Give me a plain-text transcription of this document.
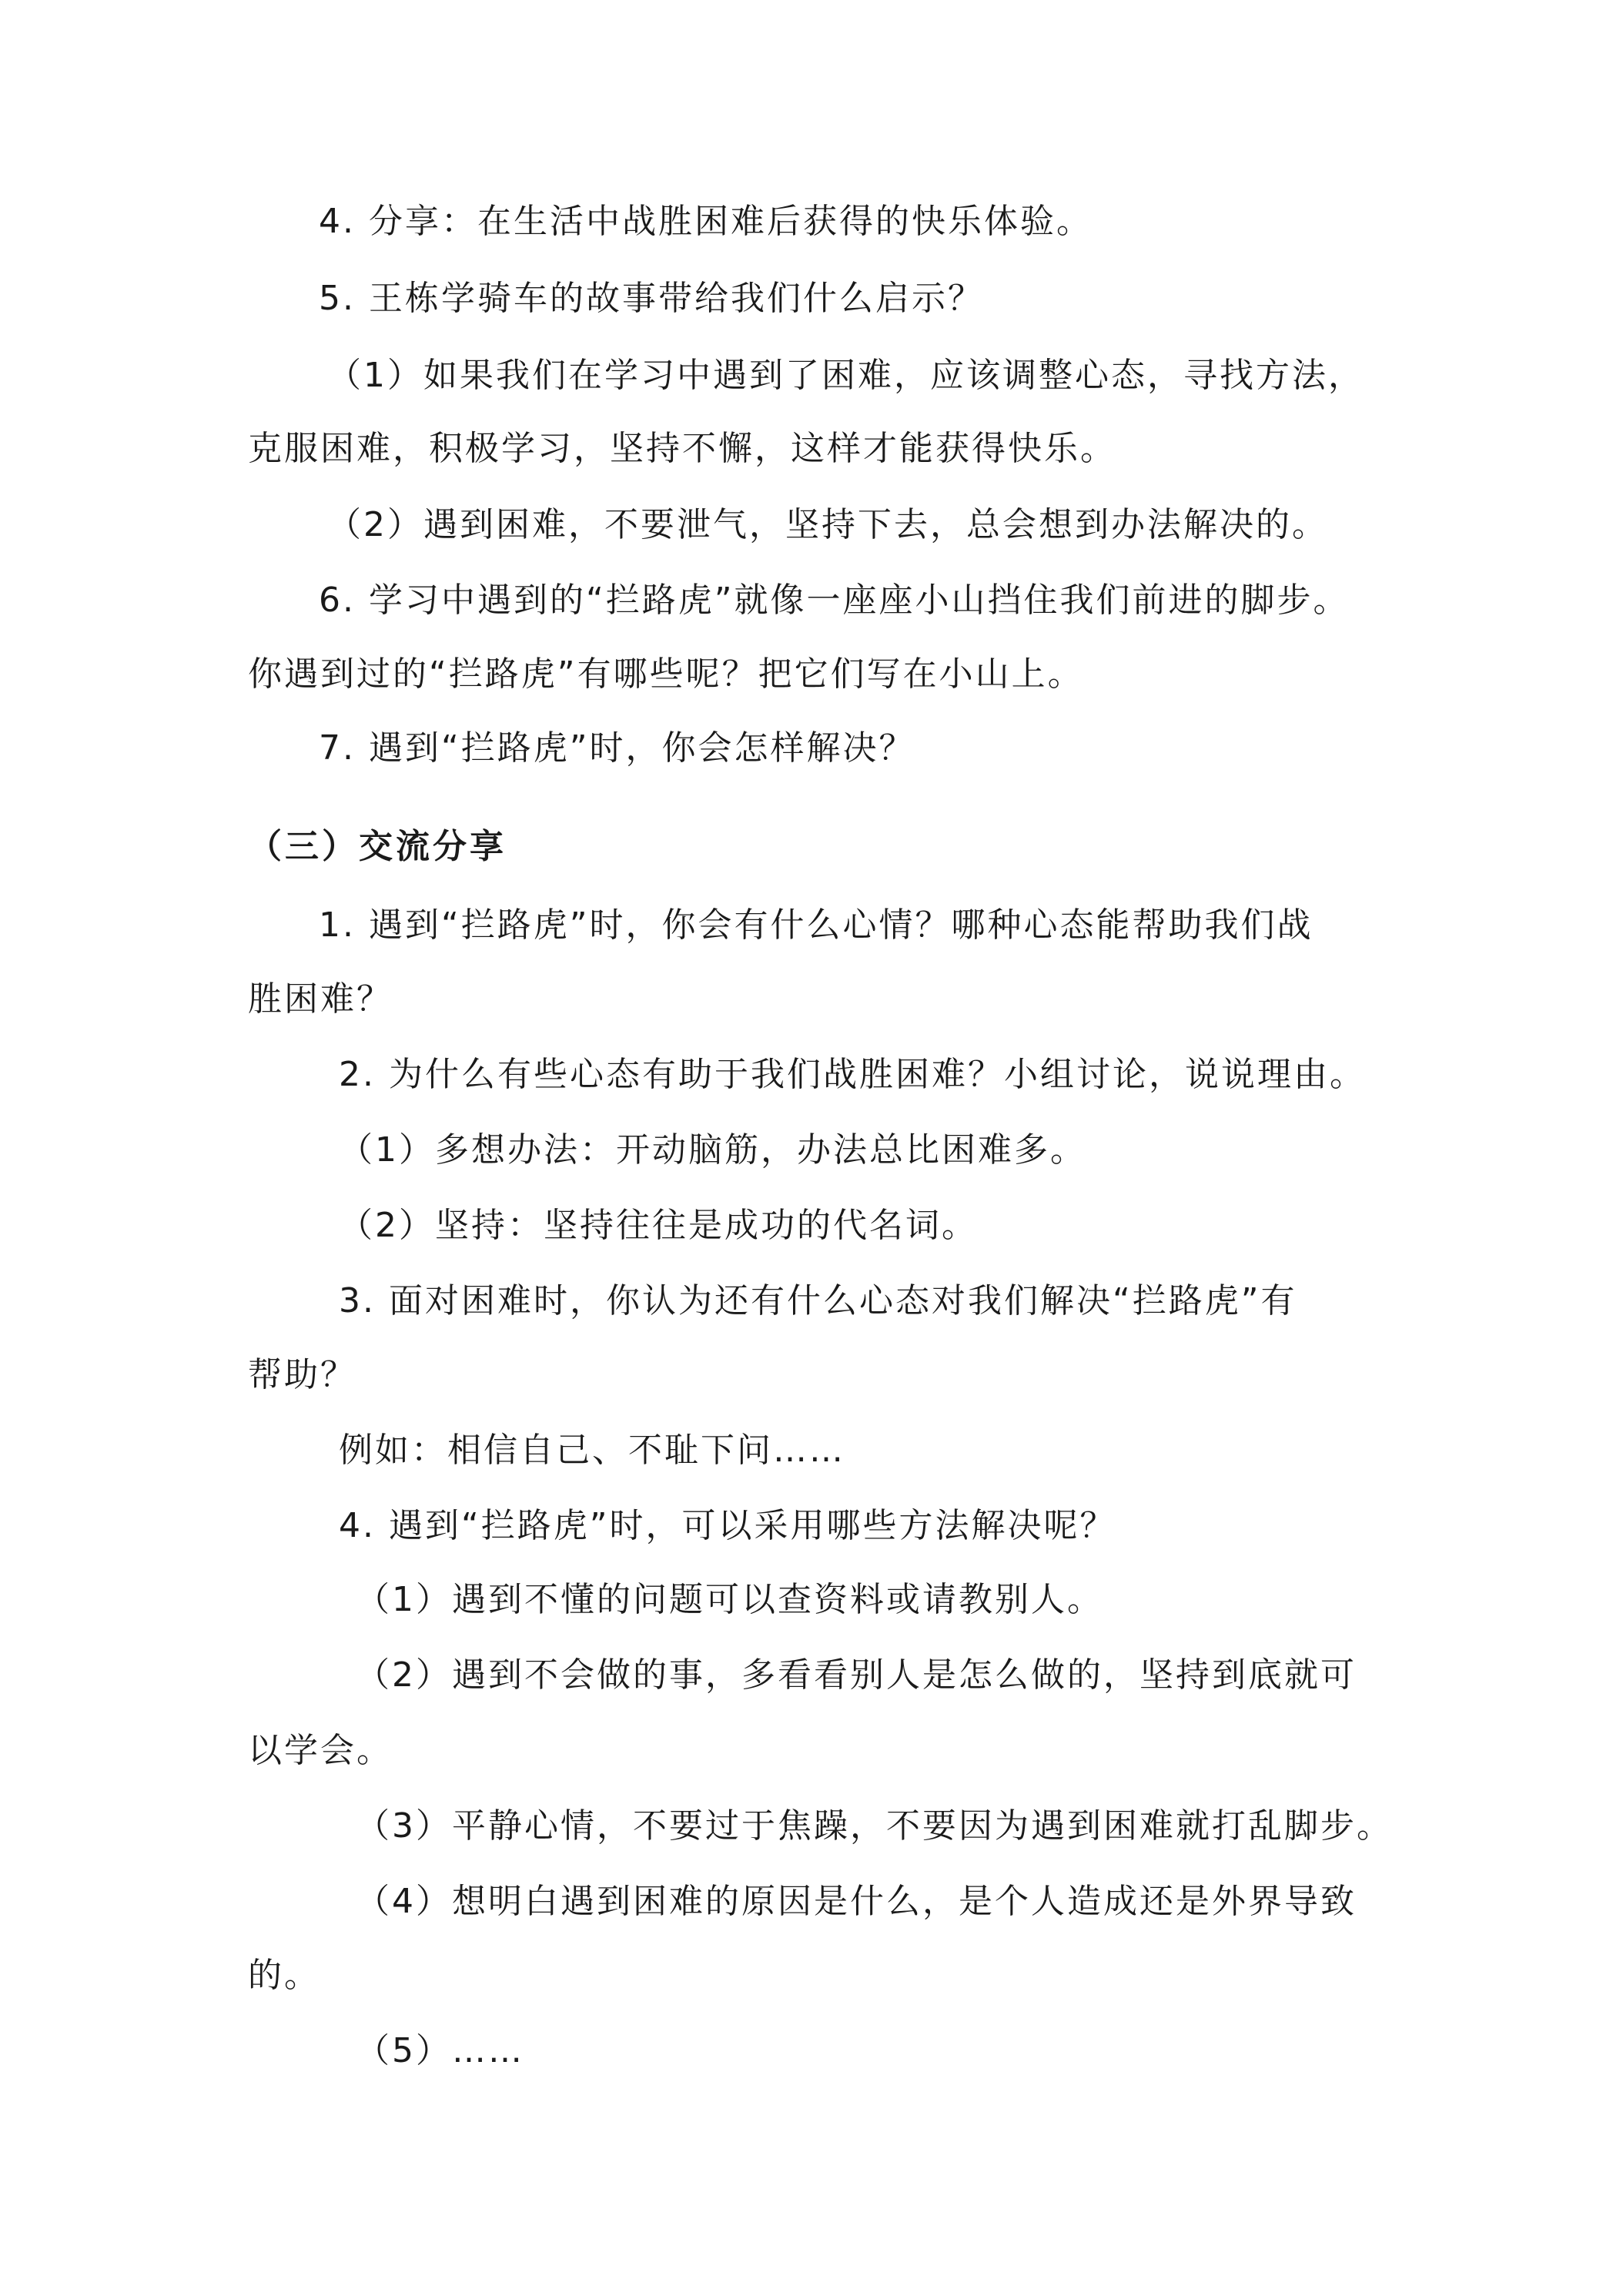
4. 分享：在生活中战胜困难后获得的快乐体验。
5. 王栋学骑车的故事带给我们什么启示？
（1）如果我们在学习中遇到了困难，应该调整心态，寻找方法，
克服困难，积极学习，坚持不懈，这样才能获得快乐。
（2）遇到困难，不要泄气，坚持下去，总会想到办法解决的。
6. 学习中遇到的“拦路虎”就像一座座小山挡住我们前进的脚步。
你遇到过的“拦路虎”有哪些呢？把它们写在小山上。
7. 遇到“拦路虎”时，你会怎样解决？
（三）交流分享
1. 遇到“拦路虎”时，你会有什么心情？哪种心态能帮助我们战
胜困难？
2. 为什么有些心态有助于我们战胜困难？小组讨论，说说理由。
（1）多想办法：开动脑筋，办法总比困难多。
（2）坚持：坚持往往是成功的代名词。
3. 面对困难时，你认为还有什么心态对我们解决“拦路虎”有
帮助？
例如：相信自己、不耻下问……
4. 遇到“拦路虎”时，可以采用哪些方法解决呢？
（1）遇到不懂的问题可以查资料或请教别人。
（2）遇到不会做的事，多看看别人是怎么做的，坚持到底就可
以学会。
（3）平静心情，不要过于焦躁，不要因为遇到困难就打乱脚步。
（4）想明白遇到困难的原因是什么，是个人造成还是外界导致
的。
（5）……
